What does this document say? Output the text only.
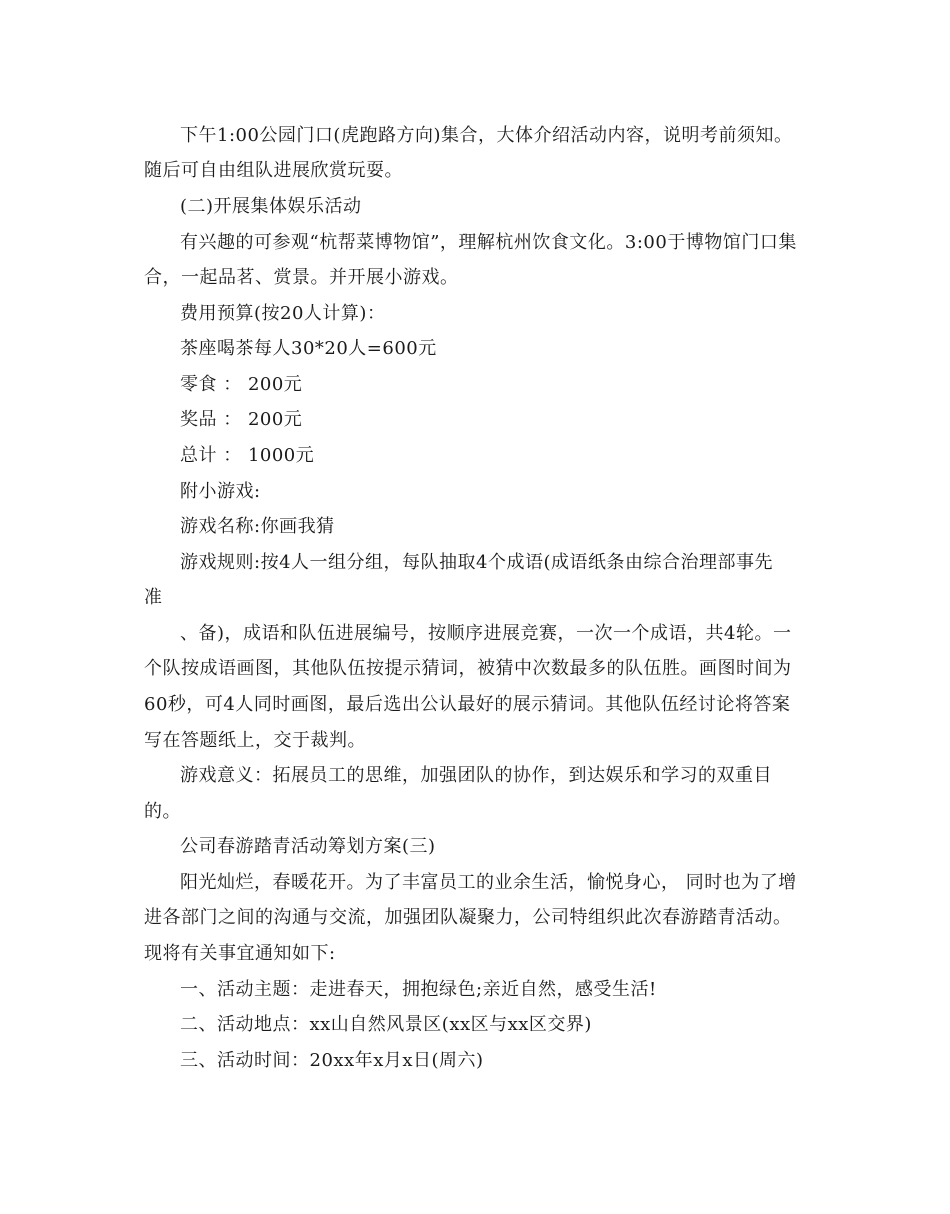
下午1:00公园门口(虎跑路方向)集合，大体介绍活动内容，说明考前须知。
随后可自由组队进展欣赏玩耍。
(二)开展集体娱乐活动
有兴趣的可参观“杭帮菜博物馆”，理解杭州饮食文化。3:00于博物馆门口集
合，一起品茗、赏景。并开展小游戏。
费用预算(按20人计算)：
茶座喝茶每人30*20人=600元
零食 ： 200元
奖品 ： 200元
总计 ： 1000元
附小游戏:
游戏名称:你画我猜
游戏规则:按4人一组分组，每队抽取4个成语(成语纸条由综合治理部事先
准
、备)，成语和队伍进展编号，按顺序进展竞赛，一次一个成语，共4轮。一
个队按成语画图，其他队伍按提示猜词，被猜中次数最多的队伍胜。画图时间为
60秒，可4人同时画图，最后选出公认最好的展示猜词。其他队伍经讨论将答案
写在答题纸上，交于裁判。
游戏意义：拓展员工的思维，加强团队的协作，到达娱乐和学习的双重目
的。
公司春游踏青活动筹划方案(三)
阳光灿烂，春暖花开。为了丰富员工的业余生活，愉悦身心， 同时也为了增
进各部门之间的沟通与交流，加强团队凝聚力，公司特组织此次春游踏青活动。
现将有关事宜通知如下:
一、活动主题：走进春天，拥抱绿色;亲近自然，感受生活!
二、活动地点：xx山自然风景区(xx区与xx区交界)
三、活动时间：20xx年x月x日(周六)
